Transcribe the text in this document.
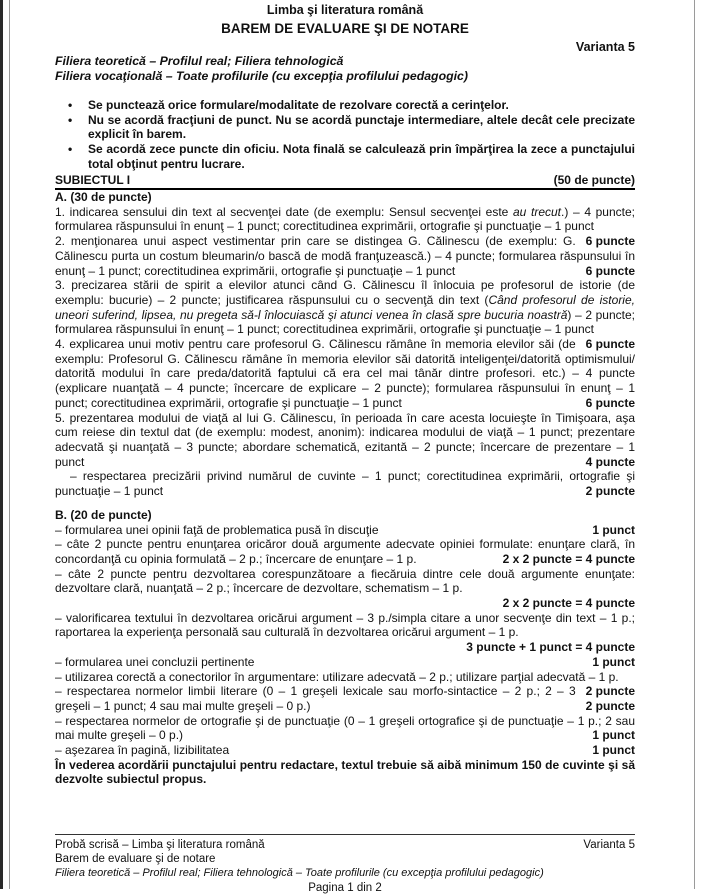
Limba şi literatura română
BAREM DE EVALUARE ŞI DE NOTARE
Varianta 5
Filiera teoretică – Profilul real; Filiera tehnologică
Filiera vocaţională – Toate profilurile (cu excepţia profilului pedagogic)
•	Se punctează orice formulare/modalitate de rezolvare corectă a cerinţelor.
•	Nu se acordă fracţiuni de punct. Nu se acordă punctaje intermediare, altele decât cele precizate explicit în barem.
•	Se acordă zece puncte din oficiu. Nota finală se calculează prin împărţirea la zece a punctajului total obţinut pentru lucrare.
SUBIECTUL I	(50 de puncte)
A. (30 de puncte)

1. indicarea sensului din text al secvenţei date (de exemplu: Sensul secvenţei este au trecut.) – 4 puncte; formularea răspunsului în enunţ – 1 punct; corectitudinea exprimării, ortografie şi punctuaţie – 1 punct
6 puncte

2. menţionarea unui aspect vestimentar prin care se distingea G. Călinescu (de exemplu: G. Călinescu purta un costum bleumarin/o bască de modă franţuzească.) – 4 puncte; formularea răspunsului în enunţ – 1 punct; corectitudinea exprimării, ortografie şi punctuaţie – 1 punct	6 puncte

3. precizarea stării de spirit a elevilor atunci când G. Călinescu îl înlocuia pe profesorul de istorie (de exemplu: bucurie) – 2 puncte; justificarea răspunsului cu o secvenţă din text (Când profesorul de istorie, uneori suferind, lipsea, nu pregeta să-l înlocuiască şi atunci venea în clasă spre bucuria noastră) – 2 puncte; formularea răspunsului în enunţ – 1 punct; corectitudinea exprimării, ortografie şi punctuaţie – 1 punct
6 puncte

4. explicarea unui motiv pentru care profesorul G. Călinescu rămâne în memoria elevilor săi (de exemplu: Profesorul G. Călinescu rămâne în memoria elevilor săi datorită inteligenţei/datorită optimismului/ datorită modului în care preda/datorită faptului că era cel mai tânăr dintre profesori. etc.) – 4 puncte (explicare nuanţată – 4 puncte; încercare de explicare – 2 puncte); formularea răspunsului în enunţ – 1 punct; corectitudinea exprimării, ortografie şi punctuaţie – 1 punct	6 puncte

5. prezentarea modului de viaţă al lui G. Călinescu, în perioada în care acesta locuieşte în Timişoara, aşa cum reiese din textul dat (de exemplu: modest, anonim): indicarea modului de viaţă – 1 punct; prezentare adecvată şi nuanţată – 3 puncte; abordare schematică, ezitantă – 2 puncte; încercare de prezentare – 1 punct	4 puncte

– respectarea precizării privind numărul de cuvinte – 1 punct; corectitudinea exprimării, ortografie şi punctuaţie – 1 punct	2 puncte

B. (20 de puncte)

– formularea unei opinii faţă de problematica pusă în discuţie	1 punct

– câte 2 puncte pentru enunţarea oricăror două argumente adecvate opiniei formulate: enunţare clară, în concordanţă cu opinia formulată – 2 p.; încercare de enunţare – 1 p.	2 x 2 puncte = 4 puncte

– câte 2 puncte pentru dezvoltarea corespunzătoare a fiecăruia dintre cele două argumente enunţate: dezvoltare clară, nuanţată – 2 p.; încercare de dezvoltare, schematism – 1 p.

2 x 2 puncte = 4 puncte

– valorificarea textului în dezvoltarea oricărui argument – 3 p./simpla citare a unor secvenţe din text – 1 p.; raportarea la experienţa personală sau culturală în dezvoltarea oricărui argument – 1 p.

3 puncte + 1 punct = 4 puncte

– formularea unei concluzii pertinente	1 punct

– utilizarea corectă a conectorilor în argumentare: utilizare adecvată – 2 p.; utilizare parţial adecvată – 1 p.
2 puncte

– respectarea normelor limbii literare (0 – 1 greşeli lexicale sau morfo-sintactice – 2 p.; 2 – 3 greşeli – 1 punct; 4 sau mai multe greşeli – 0 p.)	2 puncte

– respectarea normelor de ortografie şi de punctuaţie (0 – 1 greşeli ortografice şi de punctuaţie – 1 p.; 2 sau mai multe greşeli – 0 p.)	1 punct

– aşezarea în pagină, lizibilitatea	1 punct

În vederea acordării punctajului pentru redactare, textul trebuie să aibă minimum 150 de cuvinte şi să dezvolte subiectul propus.
Probă scrisă – Limba şi literatura română	Varianta 5
Barem de evaluare şi de notare
Filiera teoretică – Profilul real; Filiera tehnologică – Toate profilurile (cu excepţia profilului pedagogic)
Pagina 1 din 2
